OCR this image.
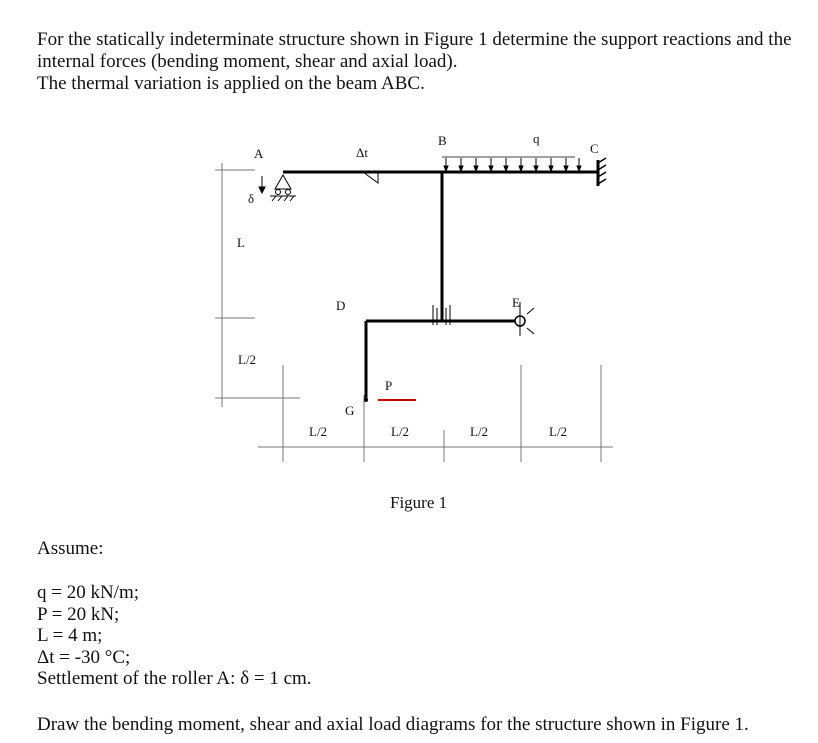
For the statically indeterminate structure shown in Figure 1 determine the support reactions and the
internal forces (bending moment, shear and axial load).
The thermal variation is applied on the beam ABC.
A
B
C
D	E
G
q
P
Δt
δ
L
L/2
L/2	L/2	L/2	L/2
Figure 1
Assume:
q = 20 kN/m;
P = 20 kN;
L = 4 m;
Δt = -30 °C;
Settlement of the roller A: δ = 1 cm.
Draw the bending moment, shear and axial load diagrams for the structure shown in Figure 1.
